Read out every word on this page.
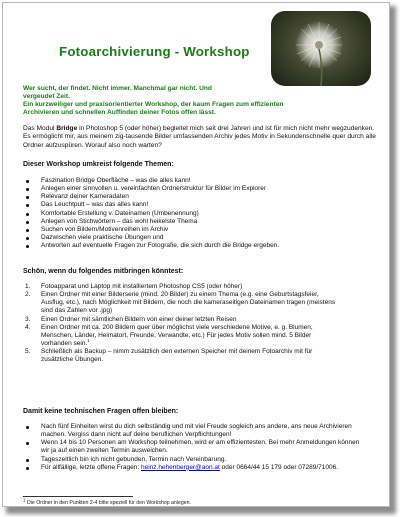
Fotoarchivierung - Workshop
Wer sucht, der findet. Nicht immer. Manchmal gar nicht. Und
vergeudet Zeit.
Ein kurzweiliger und praxisorientierter Workshop, der kaum Fragen zum effizienten
Archivieren und schnellen Auffinden deiner Fotos offen lässt.
Das Modul Bridge in Photoshop 5 (oder höher) begleitet mich seit drei Jahren und ist für mich nicht mehr wegzudenken. Es ermöglicht mir, aus meinem zig-tausende Bilder umfassenden Archiv jedes Motiv in Sekundenschnelle quer durch alle Ordner aufzuspüren. Worauf also noch warten?
Dieser Workshop umkreist folgende Themen:
Faszination Bridge Oberfläche – was die alles kann!
Anlegen einer sinnvollen u. vereinfachten Ordnerstruktur für Bilder im Explorer
Relevanz deiner Kameradaten
Das Leuchtpult – was das alles kann!
Komfortable Erstellung v. Dateinamen (Umbenennung)
Anlegen von Stichwörtern – das wohl heikelste Thema
Suchen von Bildern/Motivenreihen im Archiv
Dazwischen viele praktische Übungen und
Antworten auf eventuelle Fragen zur Fotografie, die sich durch die Bridge ergeben.
Schön, wenn du folgendes mitbringen könntest:
1. Fotoapparat und Laptop mit installiertem Photoshop CS5 (oder höher)
2. Einen Ordner mit einer Bilderserie (mind. 20 Bilder) zu einem Thema (e.g. eine Geburtstagsfeier, Ausflug, etc.), nach Möglichkeit mit Bildern, die noch die kameraseitigen Dateinamen tragen (meistens sind das Zahlen vor .jpg)
3. Einen Ordner mit sämtlichen Bildern von einer deiner letzten Reisen
4. Einen Ordner mit ca. 200 Bildern quer über möglichst viele verschiedene Motive, e. g. Blumen, Menschen, Länder, Heimatort, Freunde, Verwandte, etc.) Für jedes Motiv sollen mind. 5 Bilder vorhanden sein.$^1$
5. Schließlich als Backup – nimm zusätzlich den externen Speicher mit deinem Fotoarchiv mit für zusätzliche Übungen.
Damit keine technischen Fragen offen bleiben:
Nach fünf Einheiten wirst du dich selbständig und mit viel Freude sogleich ans andere, ans neue Archivieren machen. Vergiss dann nicht auf deine beruflichen Verpflichtungen!
Wenn 14 bis 10 Personen am Workshop teilnehmen, wird er am effizientesten. Bei mehr Anmeldungen können wir ja auf einen zweiten Termin ausweichen.
Tageszeitlich bin ich nicht gebunden, Termin nach Vereinbarung.
Für allfällige, letzte offene Fragen: heinz.hehenberger@aon.at oder 0664/44 15 179 oder 07289/71006.
$^1$ Die Ordner in den Punkten 2-4 bitte speziell für den Workshop anlegen.
